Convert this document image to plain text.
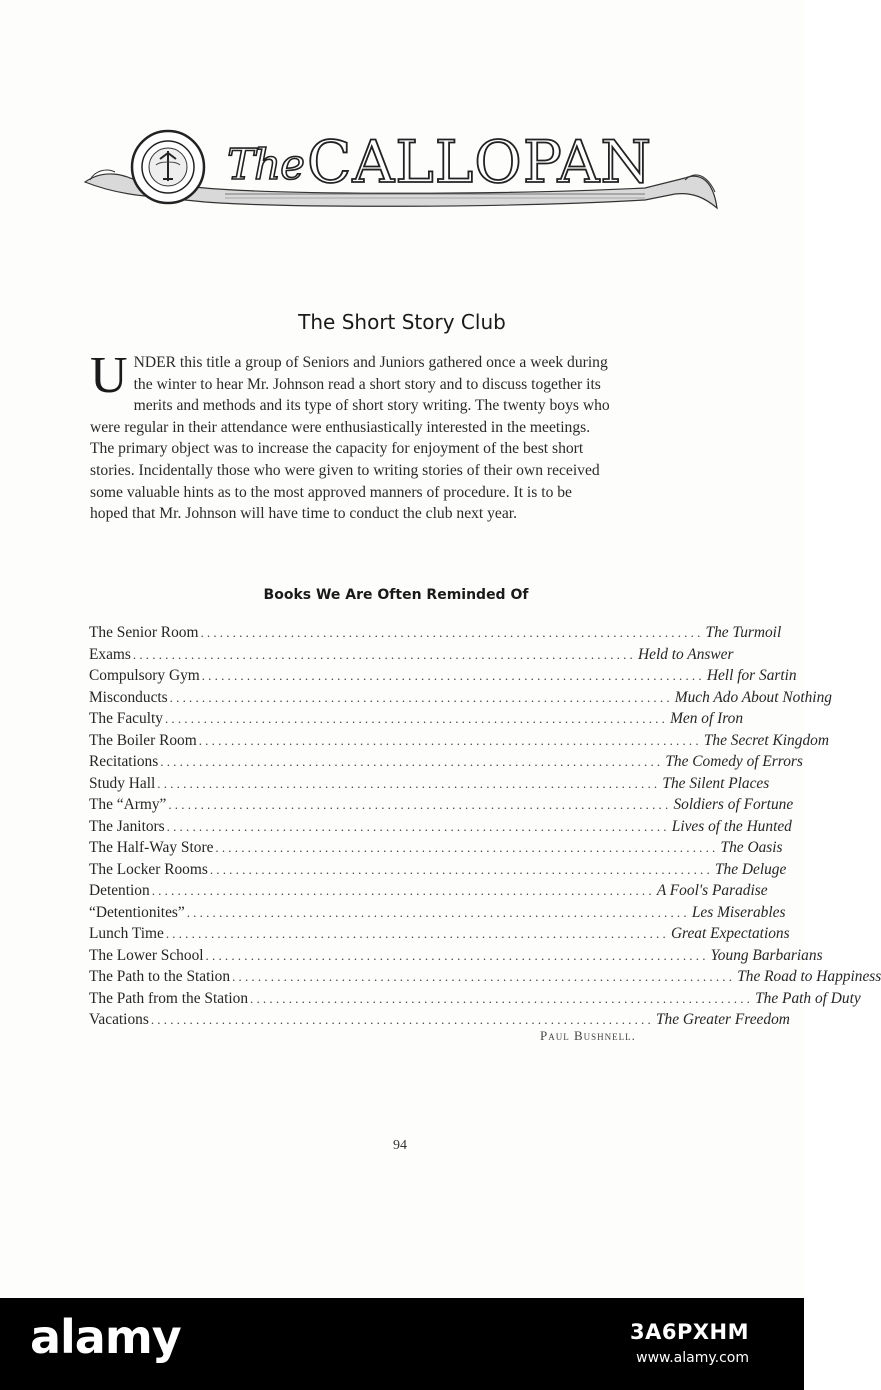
The CALLOPAN
The Short Story Club
U NDER this title a group of Seniors and Juniors gathered once a week during
the winter to hear Mr. Johnson read a short story and to discuss together its
merits and methods and its type of short story writing. The twenty boys who
were regular in their attendance were enthusiastically interested in the meetings.
The primary object was to increase the capacity for enjoyment of the best short
stories. Incidentally those who were given to writing stories of their own received
some valuable hints as to the most approved manners of procedure. It is to be
hoped that Mr. Johnson will have time to conduct the club next year.
Books We Are Often Reminded Of
The Senior Room .............................................................................. The Turmoil
Exams .............................................................................. Held to Answer
Compulsory Gym .............................................................................. Hell for Sartin
Misconducts .............................................................................. Much Ado About Nothing
The Faculty .............................................................................. Men of Iron
The Boiler Room .............................................................................. The Secret Kingdom
Recitations .............................................................................. The Comedy of Errors
Study Hall .............................................................................. The Silent Places
The “Army” .............................................................................. Soldiers of Fortune
The Janitors .............................................................................. Lives of the Hunted
The Half-Way Store .............................................................................. The Oasis
The Locker Rooms .............................................................................. The Deluge
Detention .............................................................................. A Fool's Paradise
“Detentionites” .............................................................................. Les Miserables
Lunch Time .............................................................................. Great Expectations
The Lower School .............................................................................. Young Barbarians
The Path to the Station .............................................................................. The Road to Happiness
The Path from the Station .............................................................................. The Path of Duty
Vacations .............................................................................. The Greater Freedom
Paul Bushnell.
94
alamy	3A6PXHM
www.alamy.com
